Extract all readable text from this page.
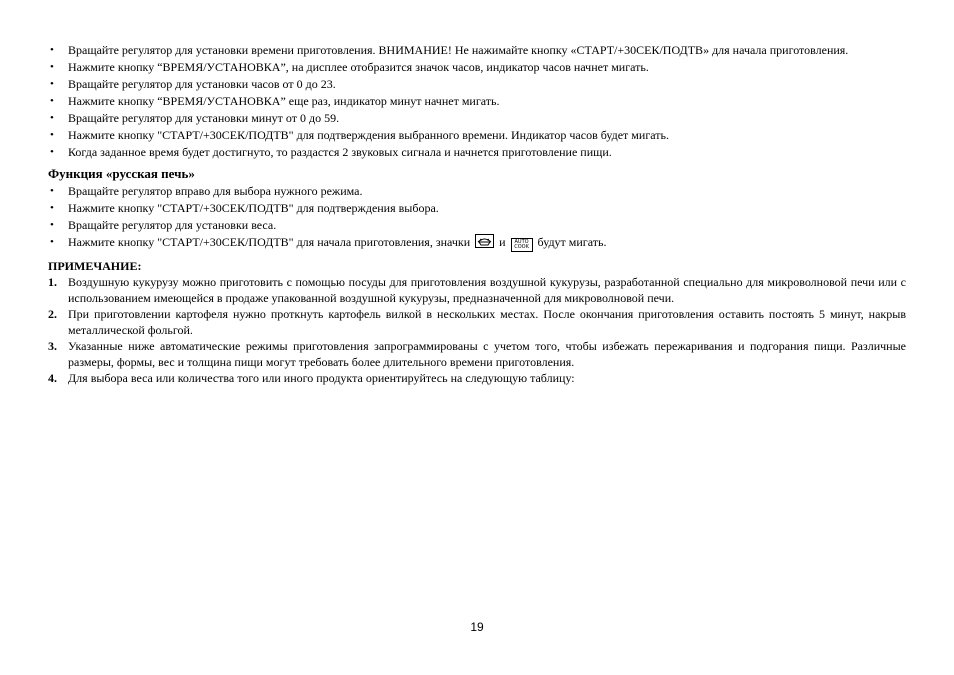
• Вращайте регулятор для установки времени приготовления. ВНИМАНИЕ! Не нажимайте кнопку «СТАРТ/+30СЕК/ПОДТВ» для начала приготовления.
• Нажмите кнопку “ВРЕМЯ/УСТАНОВКА”, на дисплее отобразится значок часов, индикатор часов начнет мигать.
• Вращайте регулятор для установки часов от 0 до 23.
• Нажмите кнопку “ВРЕМЯ/УСТАНОВКА” еще раз, индикатор минут начнет мигать.
• Вращайте регулятор для установки минут от 0 до 59.
• Нажмите кнопку "СТАРТ/+30СЕК/ПОДТВ" для подтверждения выбранного времени. Индикатор часов будет мигать.
• Когда заданное время будет достигнуто, то раздастся 2 звуковых сигнала и начнется приготовление пищи.
Функция «русская печь»
• Вращайте регулятор вправо для выбора нужного режима.
• Нажмите кнопку "СТАРТ/+30СЕК/ПОДТВ" для подтверждения выбора.
• Вращайте регулятор для установки веса.
• Нажмите кнопку "СТАРТ/+30СЕК/ПОДТВ" для начала приготовления, значки и AUTO
COOK будут мигать.
ПРИМЕЧАНИЕ:
1. Воздушную кукурузу можно приготовить с помощью посуды для приготовления воздушной кукурузы, разработанной специально для микроволновой печи или с использованием имеющейся в продаже упакованной воздушной кукурузы, предназначенной для микроволновой печи.
2. При приготовлении картофеля нужно проткнуть картофель вилкой в нескольких местах. После окончания приготовления оставить постоять 5 минут, накрыв металлической фольгой.
3. Указанные ниже автоматические режимы приготовления запрограммированы с учетом того, чтобы избежать пережаривания и подгорания пищи. Различные размеры, формы, вес и толщина пищи могут требовать более длительного времени приготовления.
4. Для выбора веса или количества того или иного продукта ориентируйтесь на следующую таблицу:
19
